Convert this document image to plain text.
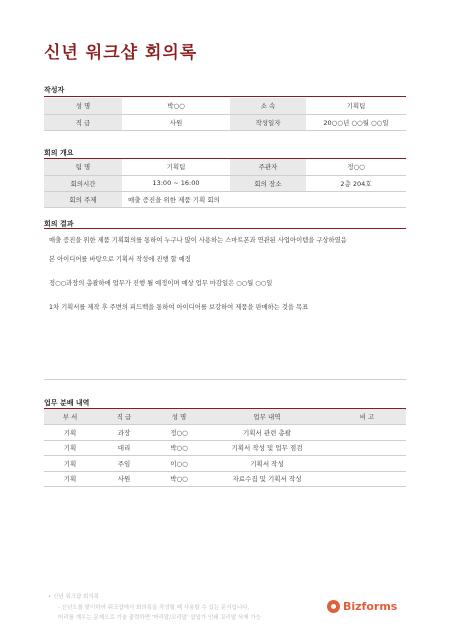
신년 워크샵 회의록
작성자
성 명	박○○	소 속	기획팀
직 급	사원	작성일자	20○○년 ○○월 ○○일
회의 개요
팀 명	기획팀	주관자	정○○
회의시간	13:00 ~ 16:00	회의 장소	2층 204호
회의 주제	매출 증진을 위한 제품 기획 회의		
회의 결과
매출 증진을 위한 제품 기획회의를 통하여 누구나 많이 사용하는 스마트폰과 연관된 사업아이템을 구상하였음
본 아이디어를 바탕으로 기획서 작성에 진행 할 예정
정○○과장의 총괄하에 업무가 진행 될 예정이며 예상 업무 마감일은 ○○월 ○○일
1차 기획서를 제작 후 주변의 피드백을 통하여 아이디어를 보강하여 제품을 판매하는 것을 목표
업무 분배 내역
부 서	직 급	성 명	업무 내역	비 고
기획	과장	정○○	기획서 관련 총괄	
기획	대리	박○○	기획서 작성 및 업무 점검	
기획	주임	이○○	기획서 작성	
기획	사원	박○○	자료수집 및 기획서 작성	
• 신년 워크샵 회의록
- 신년도를 맞이하여 워크샵에서 회의록을 작성할 때 사용할 수 있는 문서입니다.
머리를 깨우는 문제으로 기술 출력하면 '머리말/꼬리말' 삽입가 인쇄 꼬리말 삭제 가능
Bizforms
